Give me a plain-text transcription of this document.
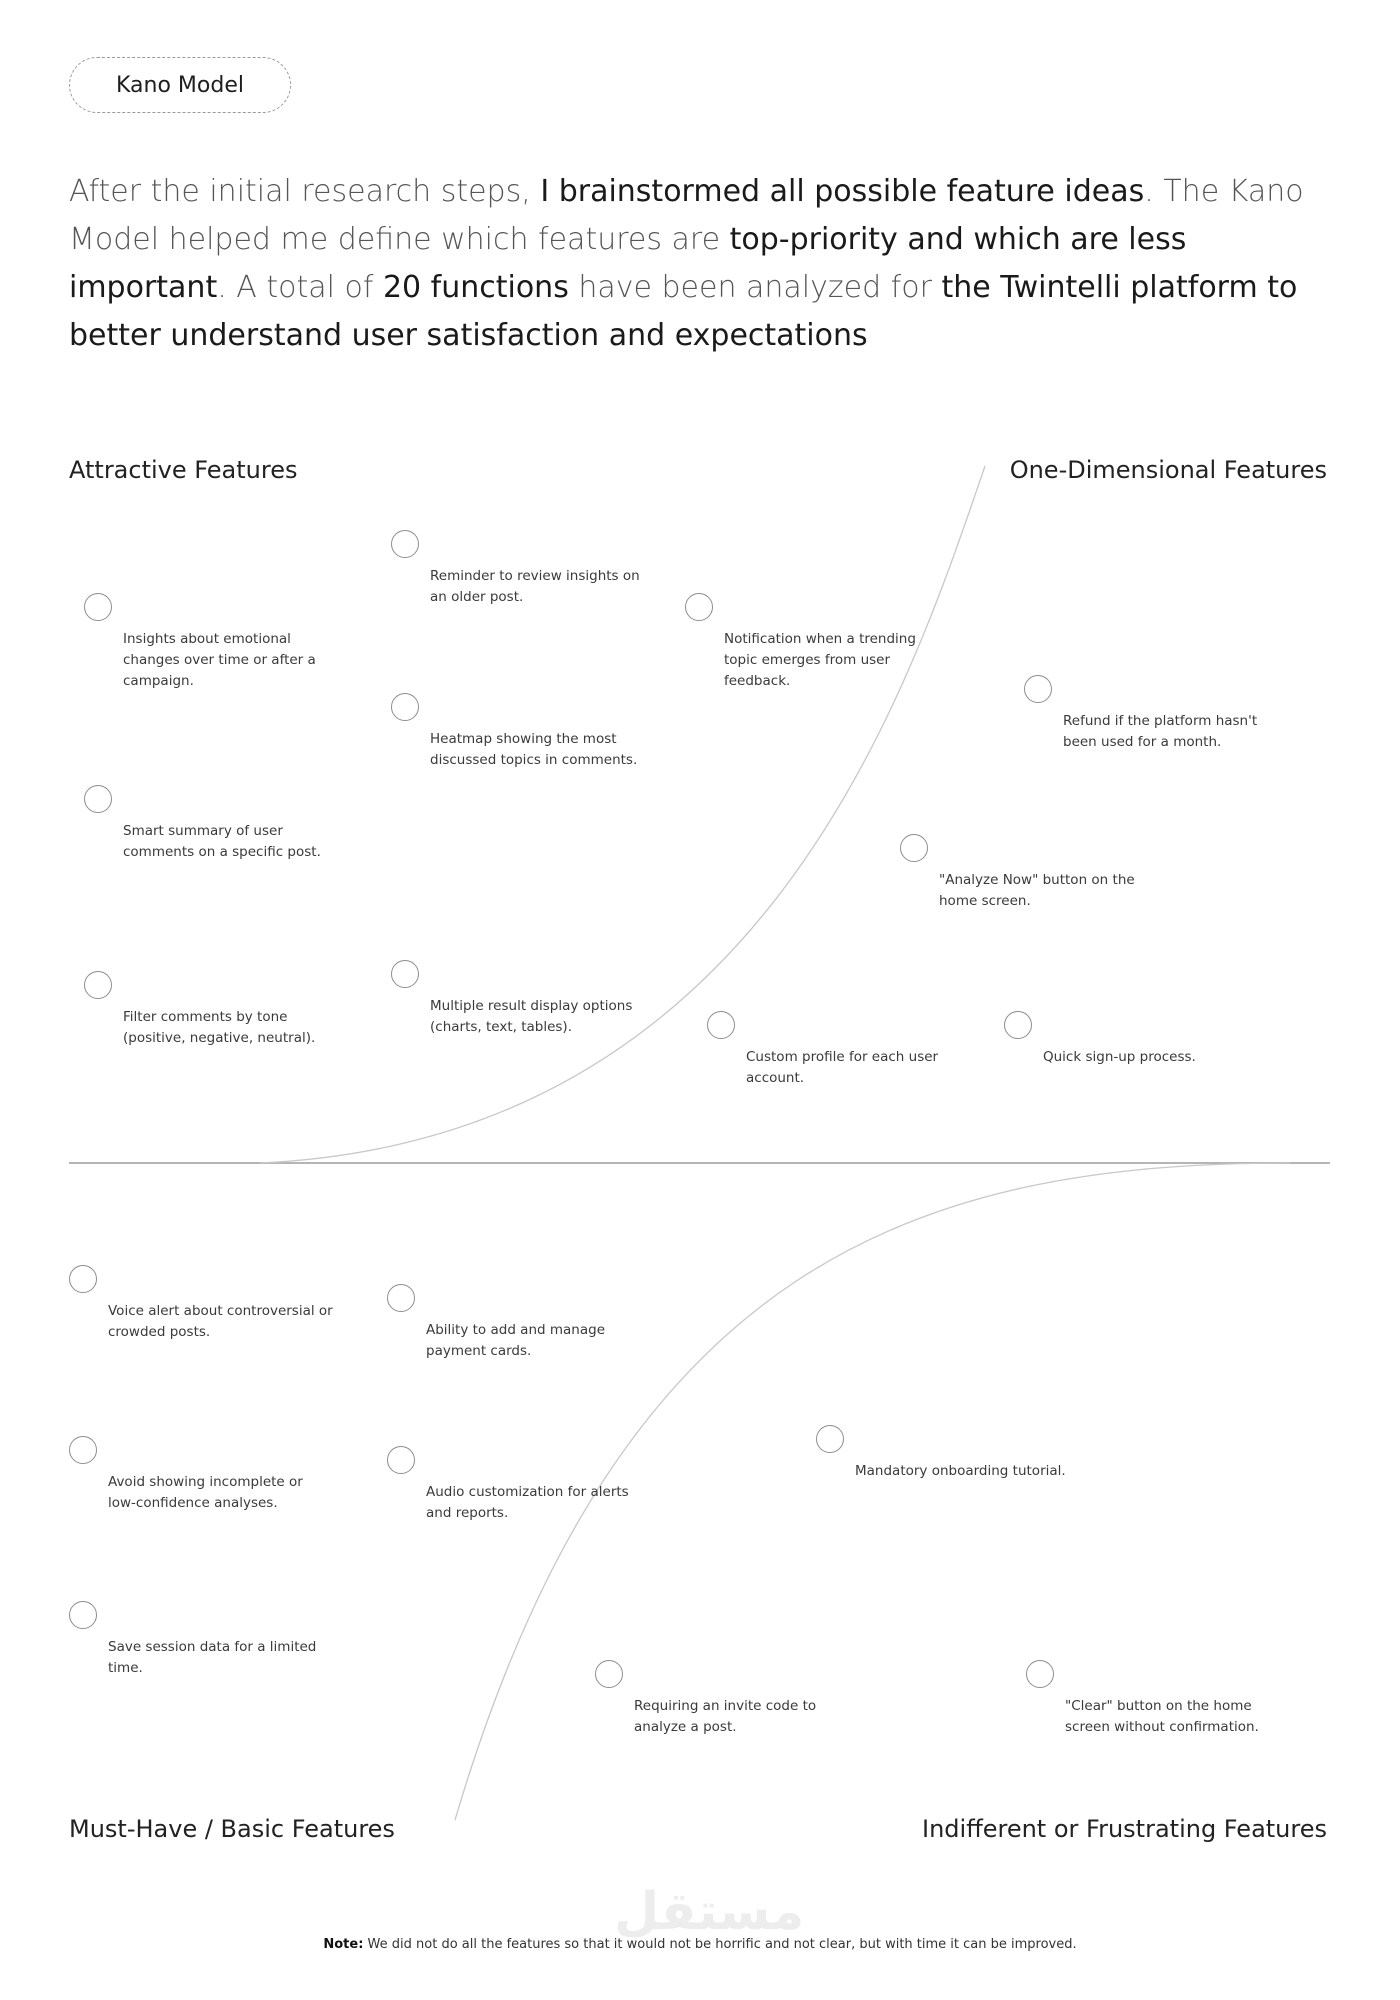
Kano Model
After the initial research steps, I brainstormed all possible feature ideas. The Kano Model helped me define which features are top-priority and which are less important. A total of 20 functions have been analyzed for the Twintelli platform to better understand user satisfaction and expectations
Attractive Features	One-Dimensional Features
Must-Have / Basic Features	Indifferent or Frustrating Features
Reminder to review insights on an older post.
Insights about emotional changes over time or after a campaign.
Notification when a trending topic emerges from user feedback.
Refund if the platform hasn't been used for a month.
Heatmap showing the most discussed topics in comments.
Smart summary of user comments on a specific post.
"Analyze Now" button on the home screen.
Filter comments by tone (positive, negative, neutral).
Multiple result display options (charts, text, tables).
Custom profile for each user account.
Quick sign-up process.
Voice alert about controversial or crowded posts.	Ability to add and manage payment cards.
Avoid showing incomplete or low-confidence analyses.
Audio customization for alerts and reports.
Mandatory onboarding tutorial.
Save session data for a limited time.
Requiring an invite code to analyze a post.
"Clear" button on the home screen without confirmation.
مستقل
Note: We did not do all the features so that it would not be horrific and not clear, but with time it can be improved.
